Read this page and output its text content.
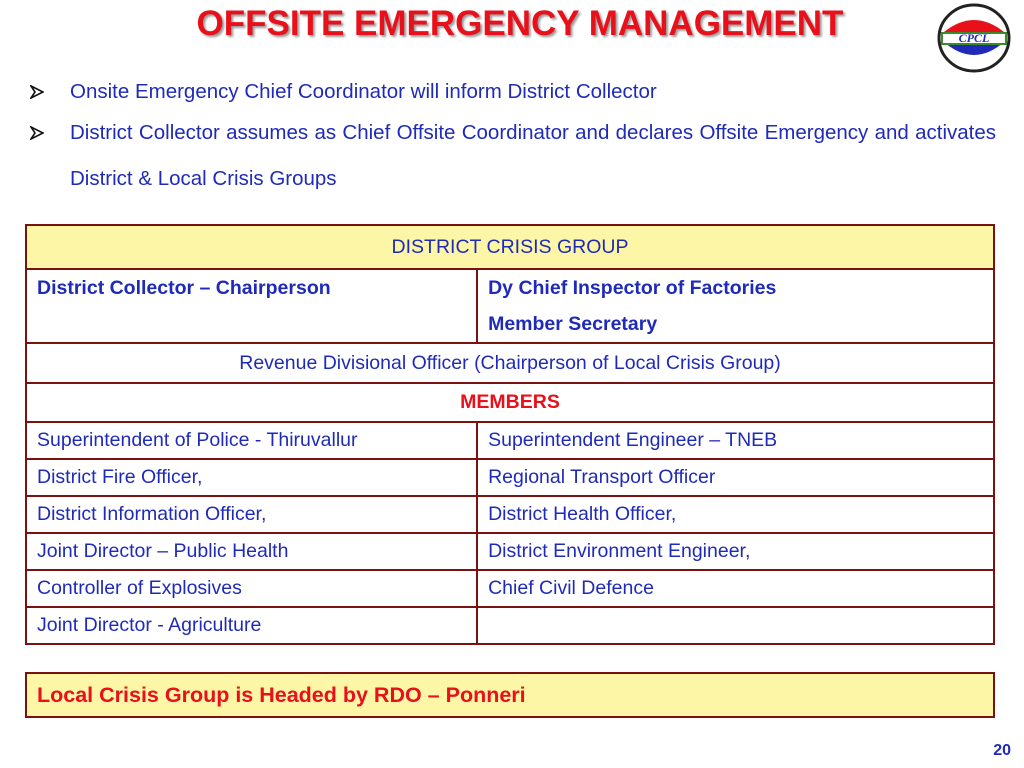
OFFSITE EMERGENCY MANAGEMENT	CPCL
Onsite Emergency Chief Coordinator will inform District Collector
District Collector assumes as Chief Offsite Coordinator and declares Offsite Emergency and activates District & Local Crisis Groups
DISTRICT CRISIS GROUP	
District Collector – Chairperson	Dy Chief Inspector of Factories
Member Secretary

Revenue Divisional Officer (Chairperson of Local Crisis Group)	
MEMBERS	
Superintendent of Police - Thiruvallur	Superintendent Engineer – TNEB
District Fire Officer,	Regional Transport Officer
District Information Officer,	District Health Officer,
Joint Director – Public Health	District Environment Engineer,
Controller of Explosives	Chief Civil Defence
Joint Director - Agriculture	
Local Crisis Group is Headed by RDO – Ponneri
20
